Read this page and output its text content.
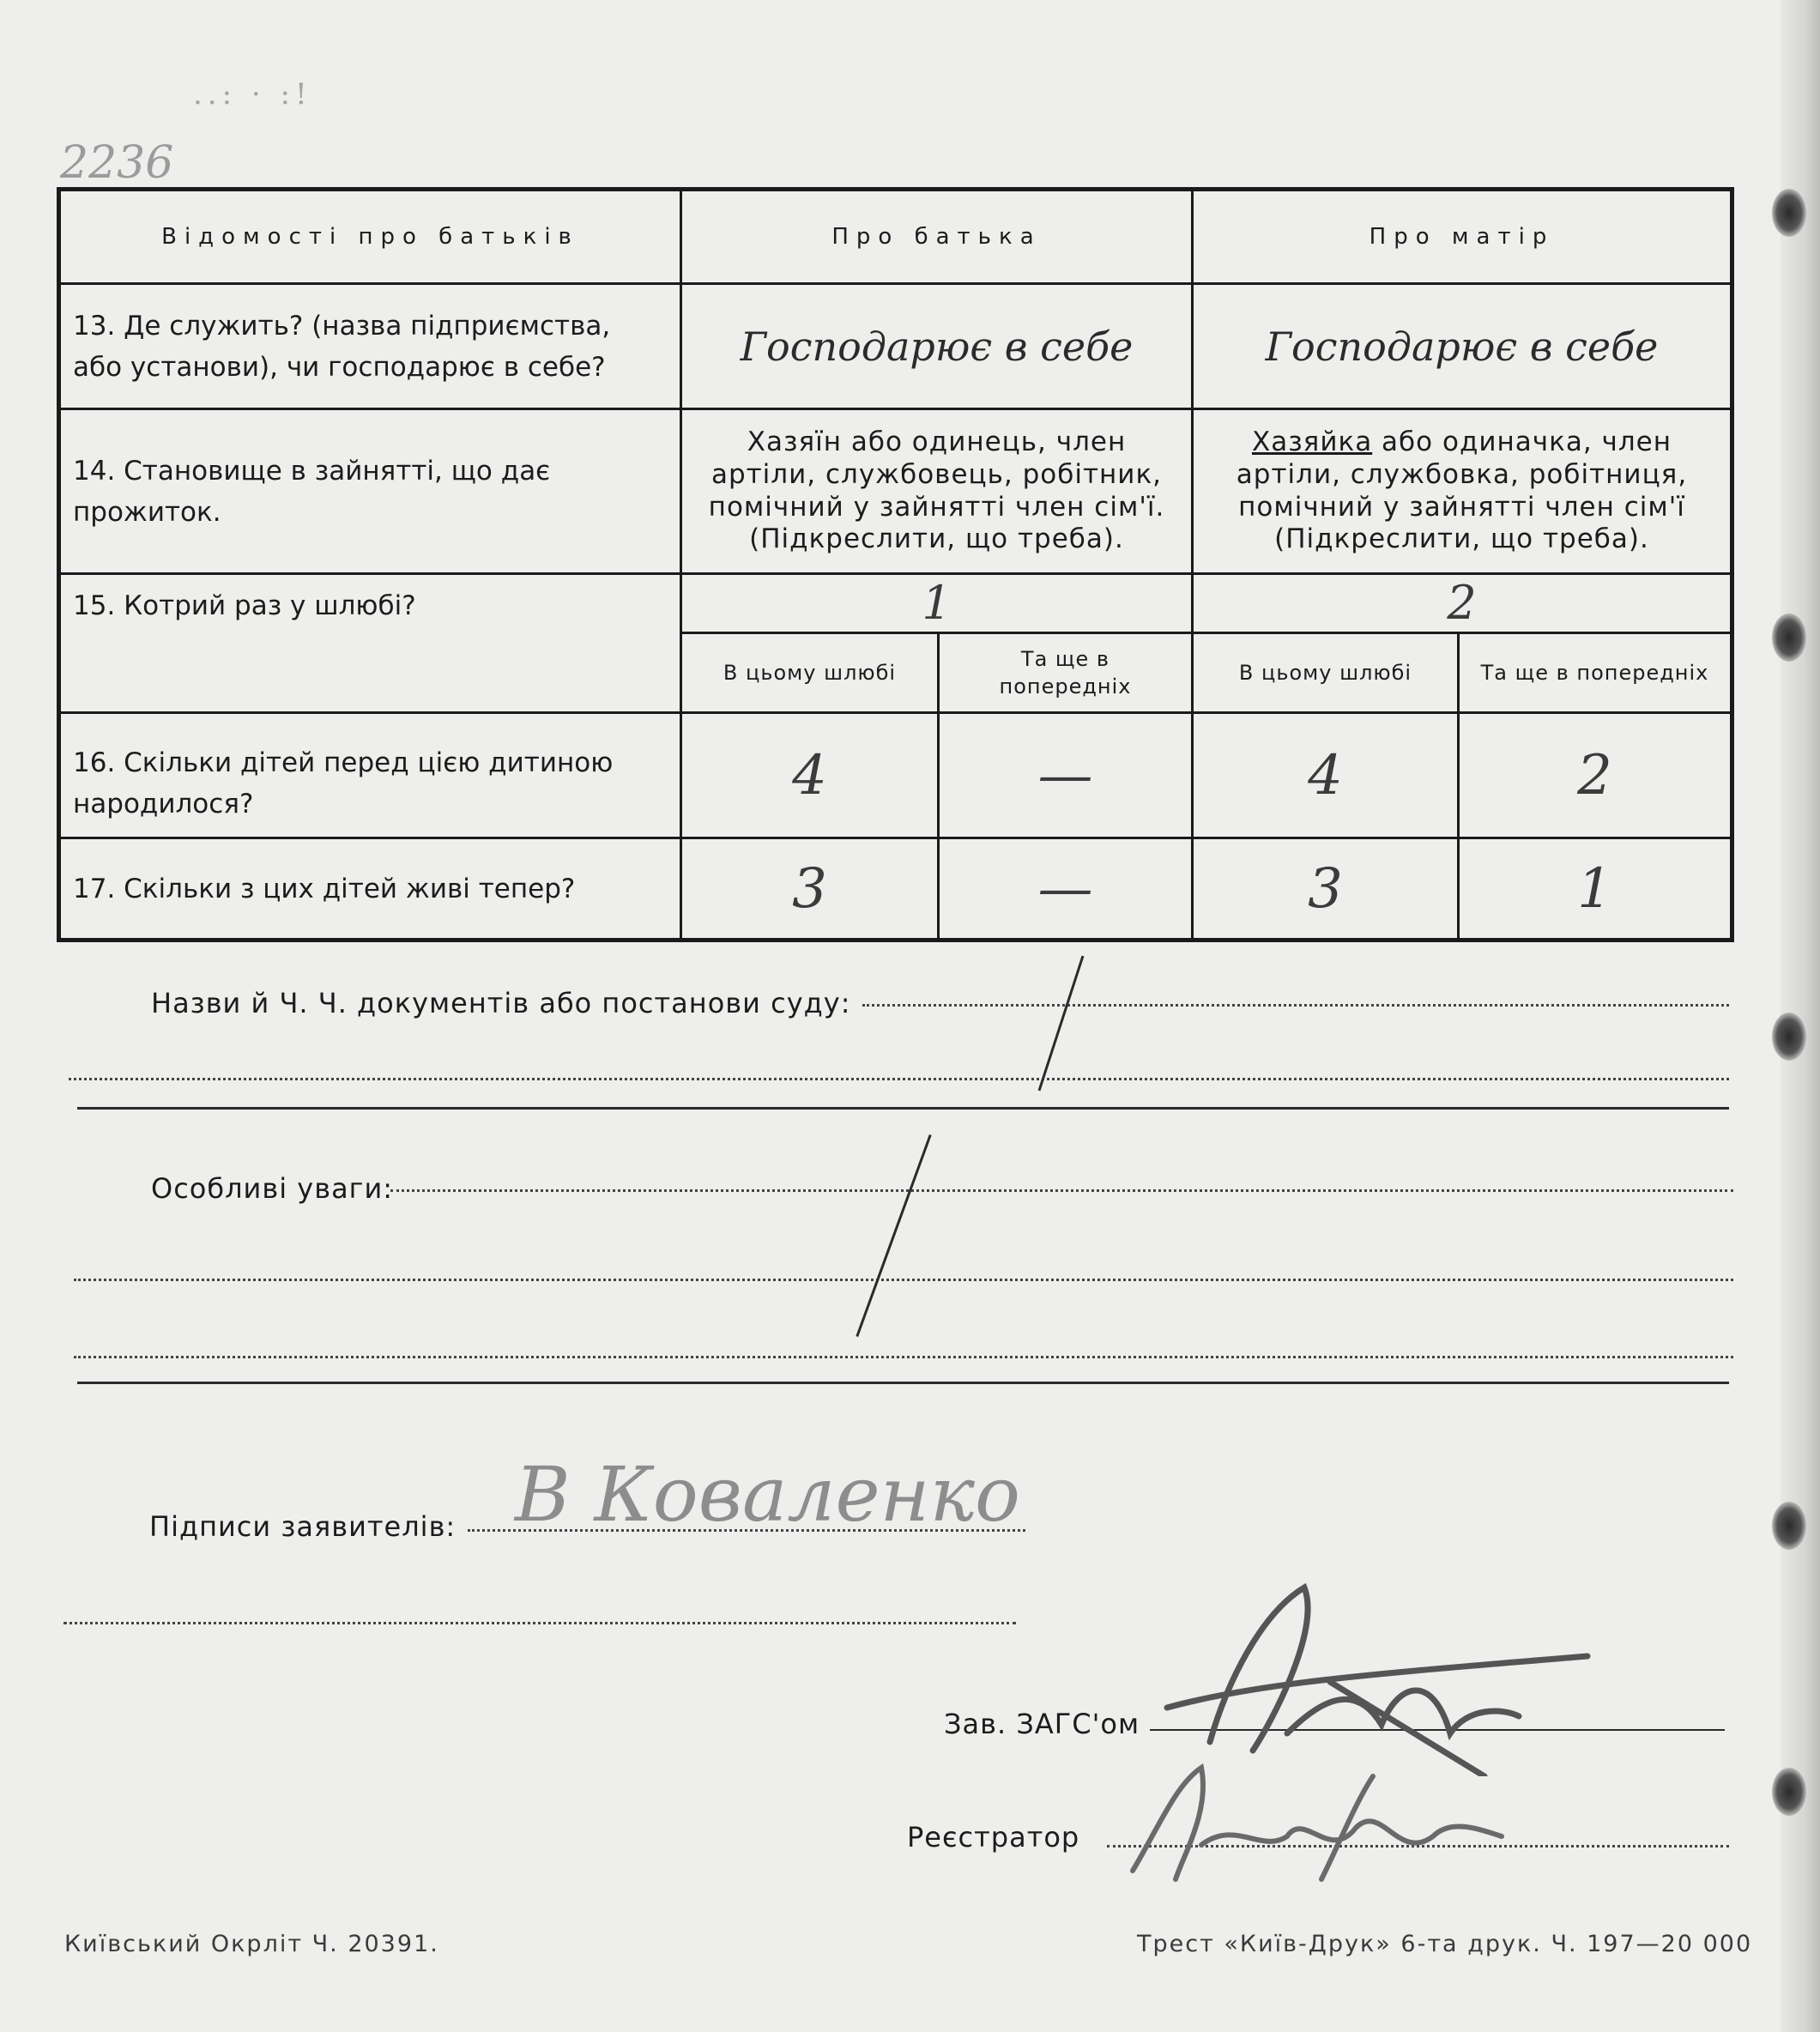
2236
..: · :!
Відомості про батьків	Про батька		Про матір	
13. Де служить? (назва підприємства, або установи), чи господарює в себе?	Господарює в себе		Господарює в себе	
14. Становище в зайнятті, що дає прожиток.	Хазяїн або одинець, член артіли, службовець, робітник, помічний у зайнятті член сім'ї. (Підкреслити, що треба).		Хазяйка або одиначка, член артіли, службовка, робітниця, помічний у зайнятті член сім'ї (Підкреслити, що треба).	
15. Котрий раз у шлюбі?	1		2	
	В цьому шлюбі	Та ще в попередніх	В цьому шлюбі	Та ще в попередніх
16. Скільки дітей перед цією дитиною народилося?	4	—	4	2
17. Скільки з цих дітей живі тепер?	3	—	3	1
Назви й Ч. Ч. документів або постанови суду:
Особливі уваги:
Підписи заявителів: В Коваленко
Зав. ЗАГС'ом
Реєстратор
Київський Окрліт Ч. 20391.	Трест «Київ-Друк» 6-та друк. Ч. 197—20 000
